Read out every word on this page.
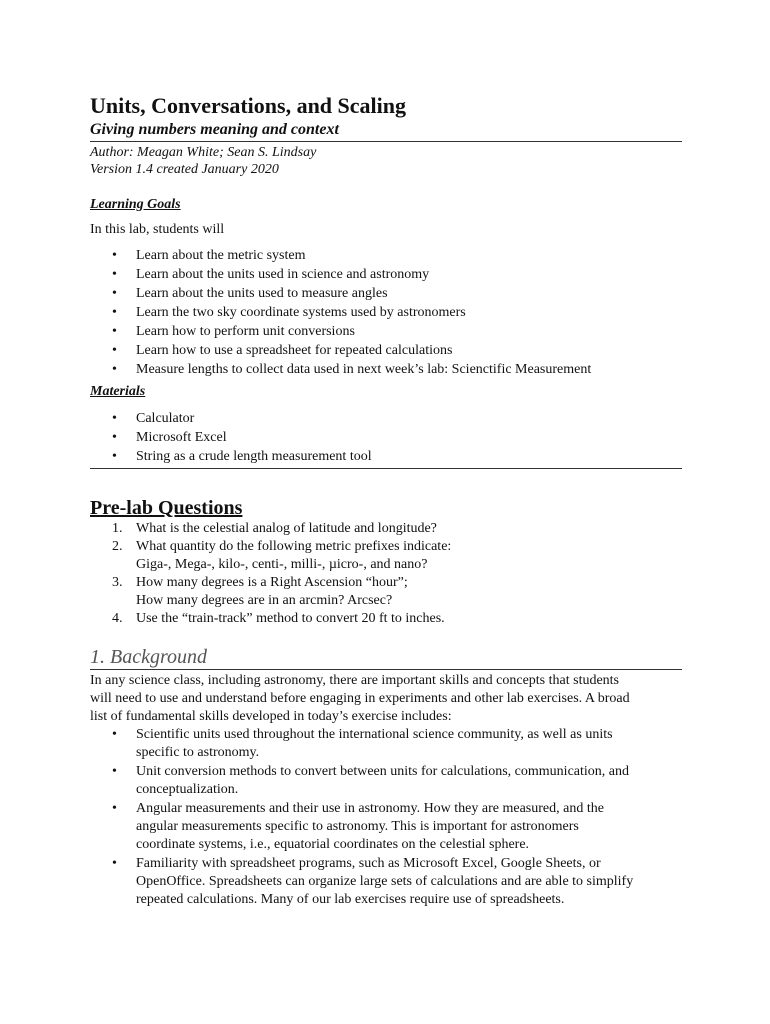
Units, Conversations, and Scaling
Giving numbers meaning and context
Author: Meagan White; Sean S. Lindsay
Version 1.4 created January 2020
Learning Goals
In this lab, students will
• Learn about the metric system
• Learn about the units used in science and astronomy
• Learn about the units used to measure angles
• Learn the two sky coordinate systems used by astronomers
• Learn how to perform unit conversions
• Learn how to use a spreadsheet for repeated calculations
• Measure lengths to collect data used in next week’s lab: Scienctific Measurement
Materials
• Calculator
• Microsoft Excel
• String as a crude length measurement tool
Pre-lab Questions
1. What is the celestial analog of latitude and longitude?
2. What quantity do the following metric prefixes indicate:
Giga-, Mega-, kilo-, centi-, milli-, µicro-, and nano?
3. How many degrees is a Right Ascension “hour”;
How many degrees are in an arcmin? Arcsec?
4. Use the “train-track” method to convert 20 ft to inches.
1. Background
In any science class, including astronomy, there are important skills and concepts that students
will need to use and understand before engaging in experiments and other lab exercises. A broad
list of fundamental skills developed in today’s exercise includes:
• Scientific units used throughout the international science community, as well as units
specific to astronomy.
• Unit conversion methods to convert between units for calculations, communication, and
conceptualization.
• Angular measurements and their use in astronomy. How they are measured, and the
angular measurements specific to astronomy. This is important for astronomers
coordinate systems, i.e., equatorial coordinates on the celestial sphere.
• Familiarity with spreadsheet programs, such as Microsoft Excel, Google Sheets, or
OpenOffice. Spreadsheets can organize large sets of calculations and are able to simplify
repeated calculations. Many of our lab exercises require use of spreadsheets.
